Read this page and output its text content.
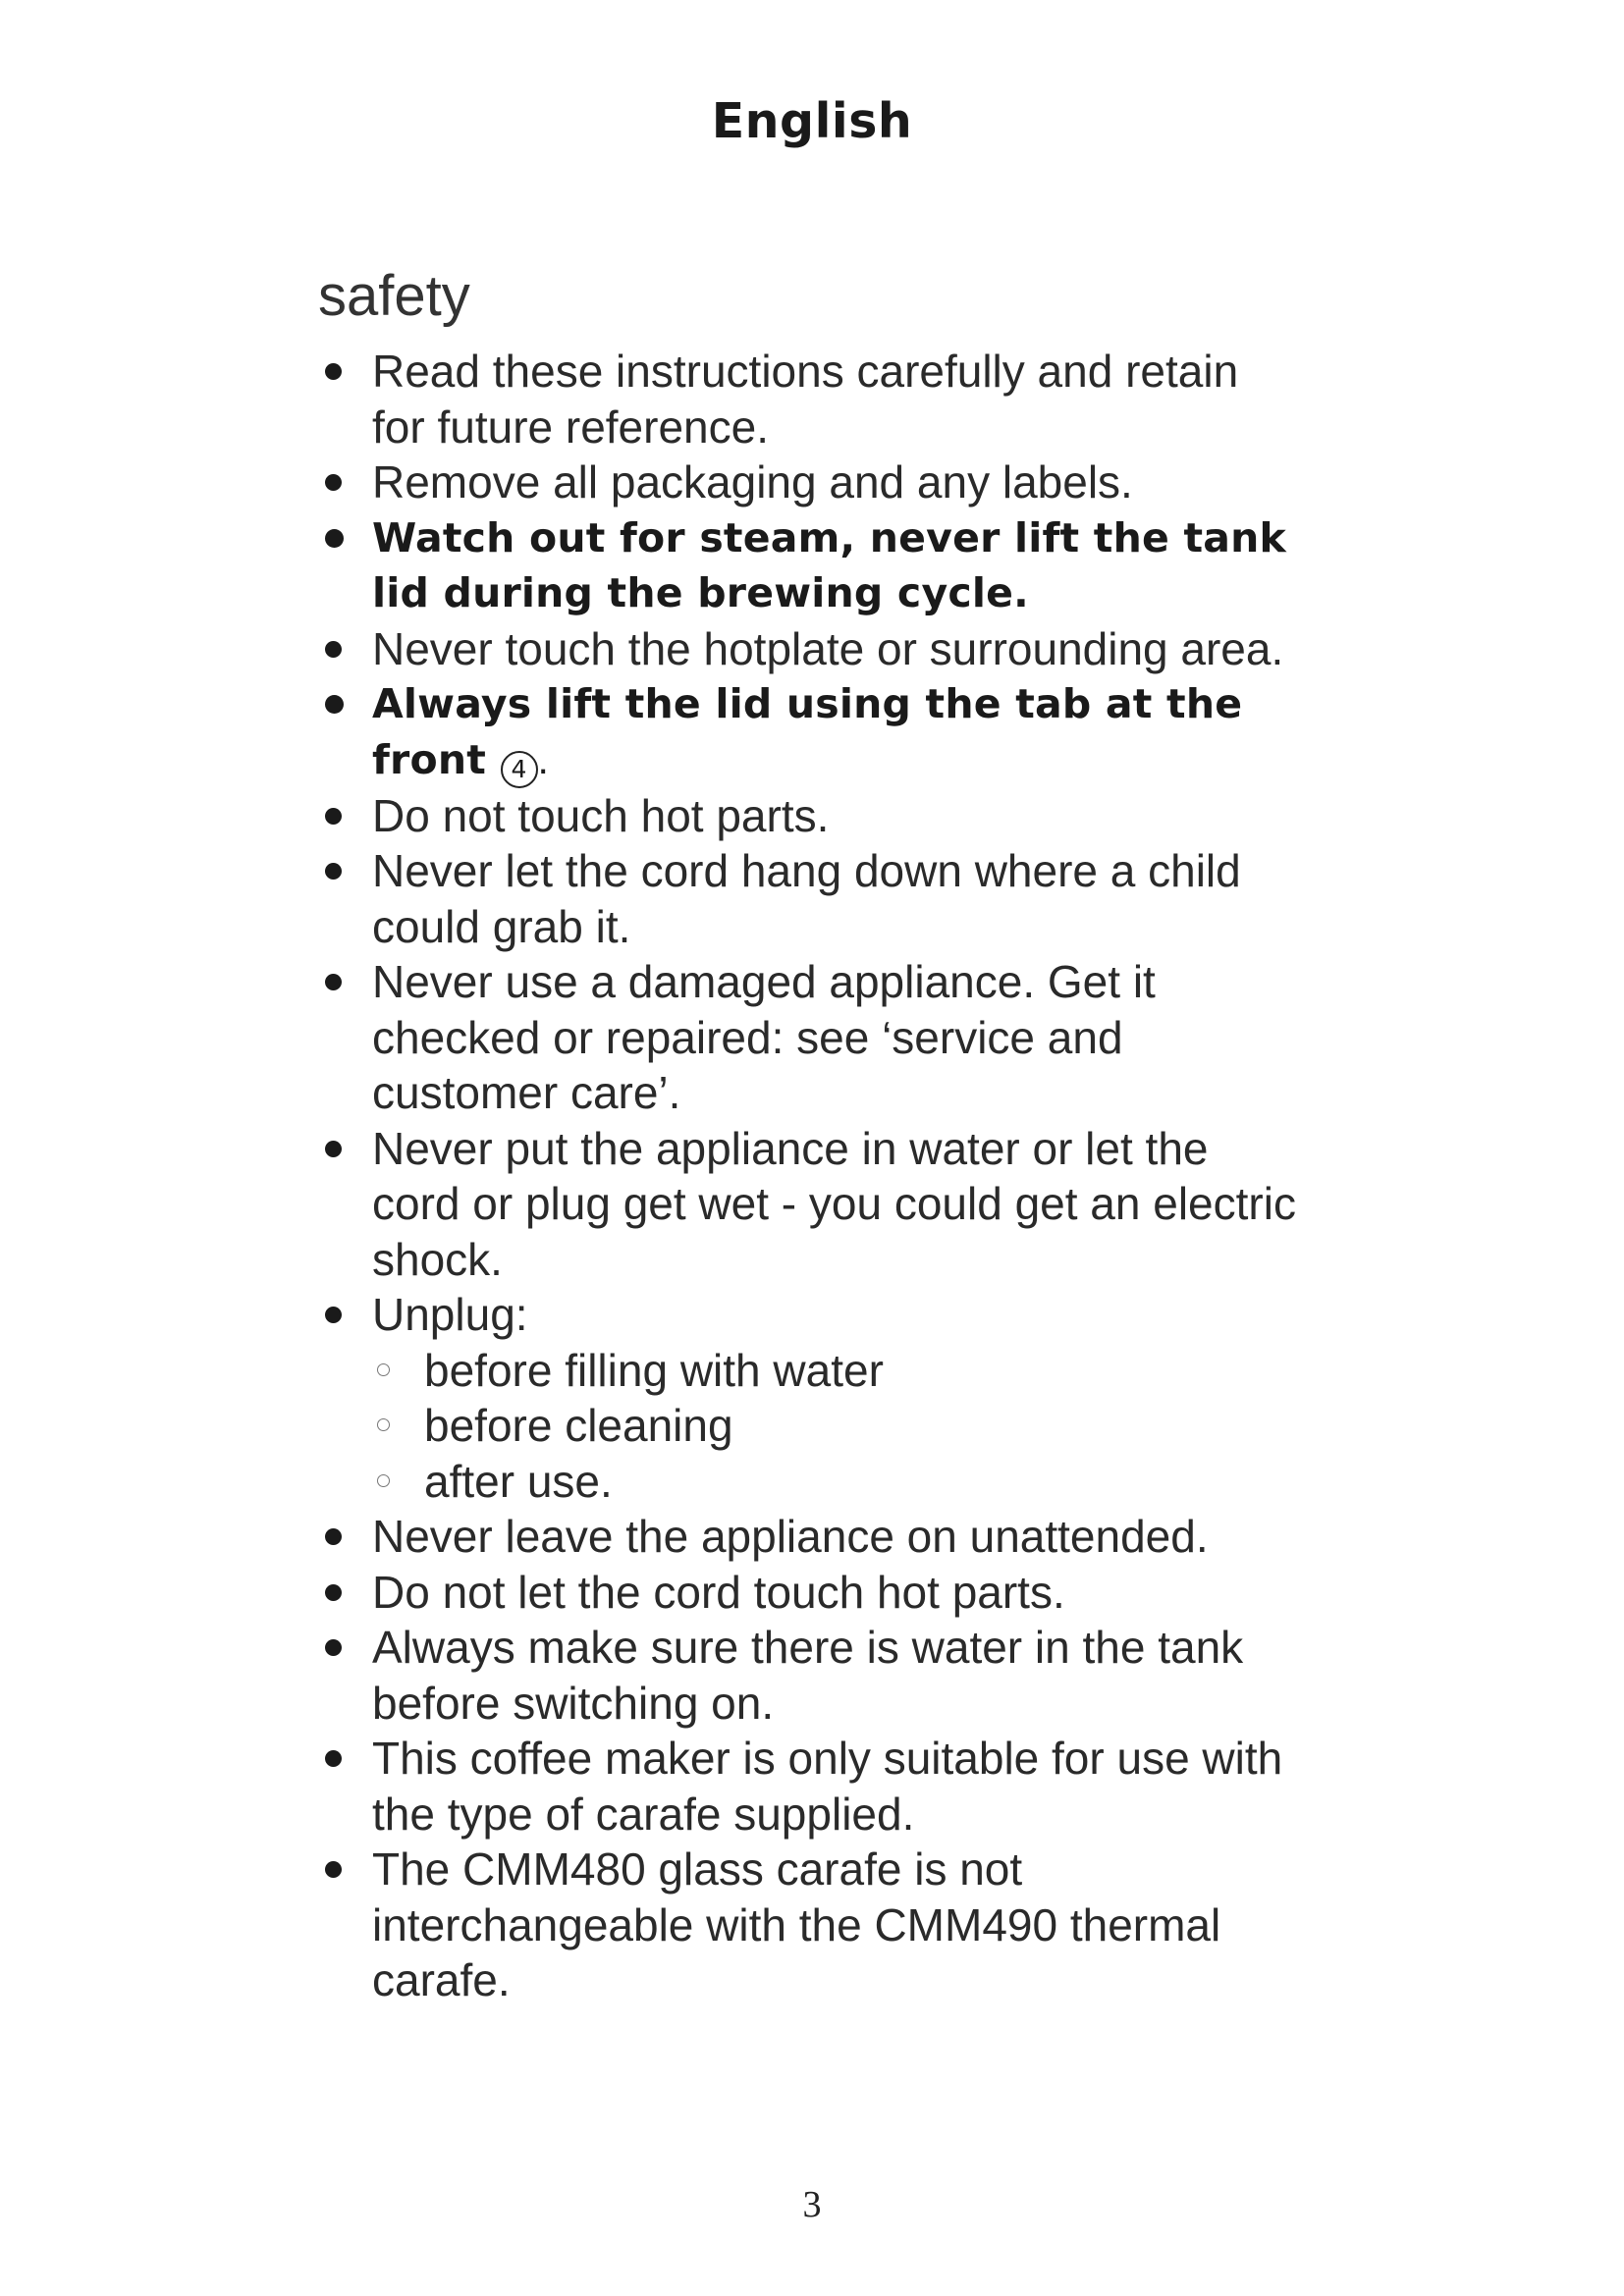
English
safety
Read these instructions carefully and retain for future reference.
Remove all packaging and any labels.
Watch out for steam, never lift the tank lid during the brewing cycle.
Never touch the hotplate or surrounding area.
Always lift the lid using the tab at the front 4 .
Do not touch hot parts.
Never let the cord hang down where a child could grab it.
Never use a damaged appliance. Get it checked or repaired: see ‘service and customer care’.
Never put the appliance in water or let the cord or plug get wet - you could get an electric shock.
Unplug:
before filling with water
before cleaning
after use.
Never leave the appliance on unattended.
Do not let the cord touch hot parts.
Always make sure there is water in the tank before switching on.
This coffee maker is only suitable for use with the type of carafe supplied.
The CMM480 glass carafe is not interchangeable with the CMM490 thermal carafe.
3
